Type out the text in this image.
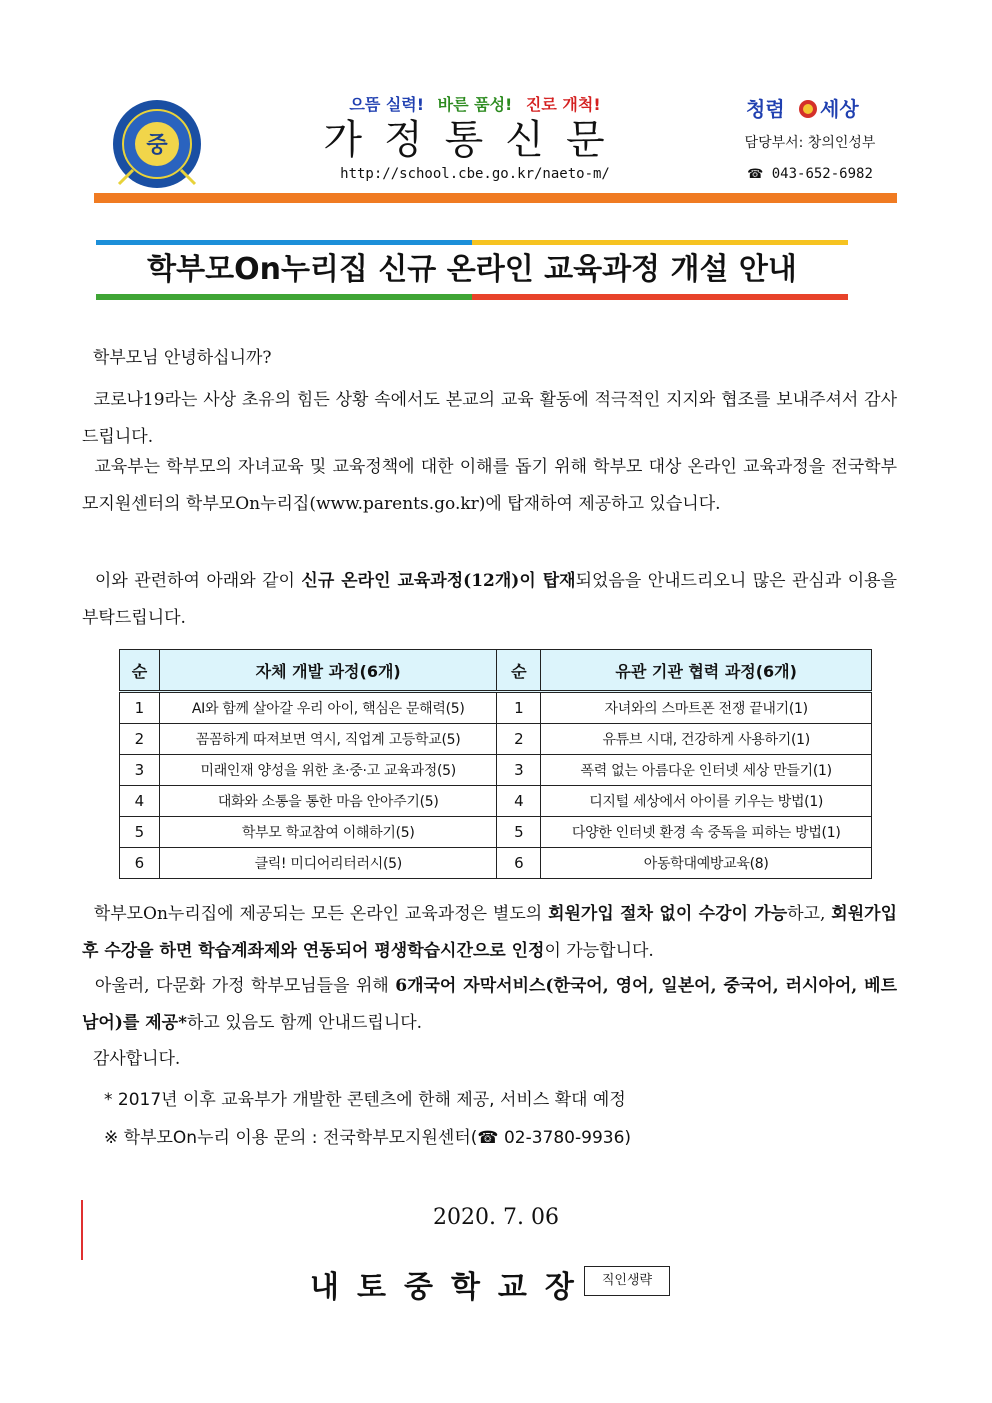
중
으뜸 실력! 바른 품성! 진로 개척!
가정통신문
http://school.cbe.go.kr/naeto-m/
청렴 세상
담당부서: 창의인성부
☎ 043-652-6982
학부모On누리집 신규 온라인 교육과정 개설 안내
학부모님 안녕하십니까?
코로나19라는 사상 초유의 힘든 상황 속에서도 본교의 교육 활동에 적극적인 지지와 협조를 보내주셔서 감사드립니다.
교육부는 학부모의 자녀교육 및 교육정책에 대한 이해를 돕기 위해 학부모 대상 온라인 교육과정을 전국학부모지원센터의 학부모On누리집(www.parents.go.kr)에 탑재하여 제공하고 있습니다.
이와 관련하여 아래와 같이 신규 온라인 교육과정(12개)이 탑재되었음을 안내드리오니 많은 관심과 이용을 부탁드립니다.
순	자체 개발 과정(6개)	순	유관 기관 협력 과정(6개)
1	AI와 함께 살아갈 우리 아이, 핵심은 문해력(5)	1	자녀와의 스마트폰 전쟁 끝내기(1)
2	꼼꼼하게 따져보면 역시, 직업계 고등학교(5)	2	유튜브 시대, 건강하게 사용하기(1)
3	미래인재 양성을 위한 초·중·고 교육과정(5)	3	폭력 없는 아름다운 인터넷 세상 만들기(1)
4	대화와 소통을 통한 마음 안아주기(5)	4	디지털 세상에서 아이를 키우는 방법(1)
5	학부모 학교참여 이해하기(5)	5	다양한 인터넷 환경 속 중독을 피하는 방법(1)
6	클릭! 미디어리터러시(5)	6	아동학대예방교육(8)
학부모On누리집에 제공되는 모든 온라인 교육과정은 별도의 회원가입 절차 없이 수강이 가능하고, 회원가입 후 수강을 하면 학습계좌제와 연동되어 평생학습시간으로 인정이 가능합니다.
아울러, 다문화 가정 학부모님들을 위해 6개국어 자막서비스(한국어, 영어, 일본어, 중국어, 러시아어, 베트남어)를 제공*하고 있음도 함께 안내드립니다.
감사합니다.
* 2017년 이후 교육부가 개발한 콘텐츠에 한해 제공, 서비스 확대 예정
※ 학부모On누리 이용 문의 : 전국학부모지원센터(☎ 02-3780-9936)
2020. 7. 06
내토중학교장 직인생략
